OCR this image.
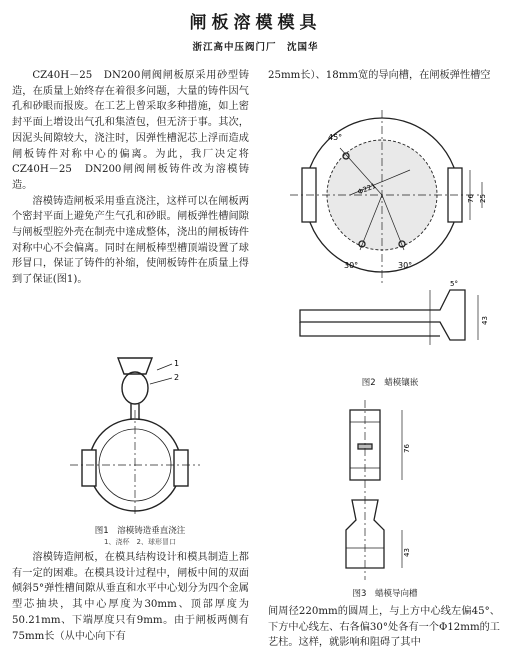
闸板溶模模具
浙江高中压阀门厂　沈国华

CZ40H－25　DN200闸阀闸板原采用砂型铸造，在质量上始终存在着很多问题，大量的铸件因气孔和砂眼而报废。在工艺上曾采取多种措施，如上密封平面上增设出气孔和集渣包，但无济于事。其次，因泥头间隙较大，浇注时，因弹性槽泥芯上浮而造成闸板铸件对称中心的偏离。为此，我厂决定将CZ40H－25　DN200闸阀闸板铸件改为溶模铸造。

溶模铸造闸板采用垂直浇注，这样可以在闸板两个密封平面上避免产生气孔和砂眼。闸板弹性槽间隙与闸板型腔外壳在制壳中達成整体，浇出的闸板铸件对称中心不会偏离。同时在闸板棒型槽顶端设置了球形冒口，保证了铸件的补缩，使闸板铸件在质量上得到了保证(图1)。

1
2
图1　溶模铸造垂直浇注
1、浇杯　2、球形冒口

溶模铸造闸板，在模具结构设计和模具制造上都有一定的困难。在模具设计过程中，闸板中间的双面倾斜5°弹性槽间隙从垂直和水平中心划分为四个金属型芯抽块，其中心厚度为30mm、顶部厚度为50.21mm、下端厚度只有9mm。由于闸板两侧有75mm长（从中心向下有

25mm长）、18mm宽的导向槽，在闸板弹性槽空

45°
30°	30°
76 25
Φ221
5°
43
图2　蜡模镶嵌
76
43
图3　蜡模导向槽

间周径220mm的圆周上，与上方中心线左偏45°、下方中心线左、右各偏30°处各有一个Φ12mm的工艺柱。这样，就影响和阻碍了其中
